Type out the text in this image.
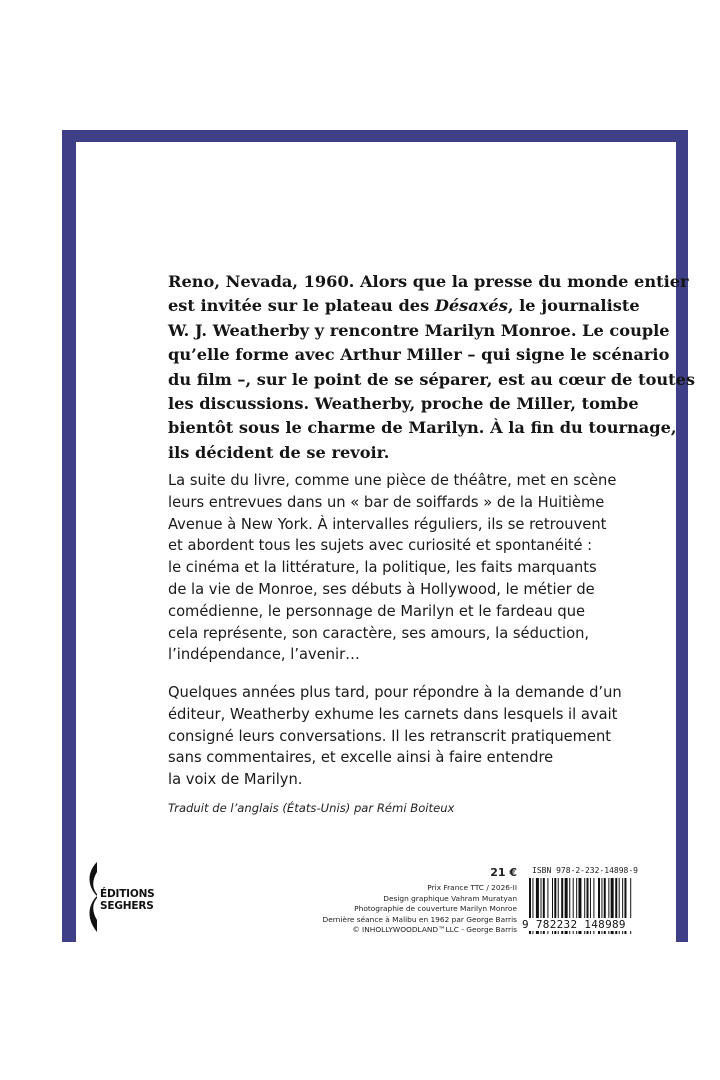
Reno, Nevada, 1960. Alors que la presse du monde entier
est invitée sur le plateau des Désaxés, le journaliste
W. J. Weatherby y rencontre Marilyn Monroe. Le couple
qu’elle forme avec Arthur Miller – qui signe le scénario
du film –, sur le point de se séparer, est au cœur de toutes
les discussions. Weatherby, proche de Miller, tombe
bientôt sous le charme de Marilyn. À la fin du tournage,
ils décident de se revoir.
La suite du livre, comme une pièce de théâtre, met en scène
leurs entrevues dans un « bar de soiffards » de la Huitième
Avenue à New York. À intervalles réguliers, ils se retrouvent
et abordent tous les sujets avec curiosité et spontanéité :
le cinéma et la littérature, la politique, les faits marquants
de la vie de Monroe, ses débuts à Hollywood, le métier de
comédienne, le personnage de Marilyn et le fardeau que
cela représente, son caractère, ses amours, la séduction,
l’indépendance, l’avenir…
Quelques années plus tard, pour répondre à la demande d’un
éditeur, Weatherby exhume les carnets dans lesquels il avait
consigné leurs conversations. Il les retranscrit pratiquement
sans commentaires, et excelle ainsi à faire entendre
la voix de Marilyn.
Traduit de l’anglais (États-Unis) par Rémi Boiteux
ÉDITIONS
SEGHERS
21 €
Prix France TTC / 2026-II
Design graphique Vahram Muratyan
Photographie de couverture Marilyn Monroe
Dernière séance à Malibu en 1962 par George Barris
© INHOLLYWOODLAND™LLC - George Barris
ISBN 978-2-232-14898-9
9 782232 148989
